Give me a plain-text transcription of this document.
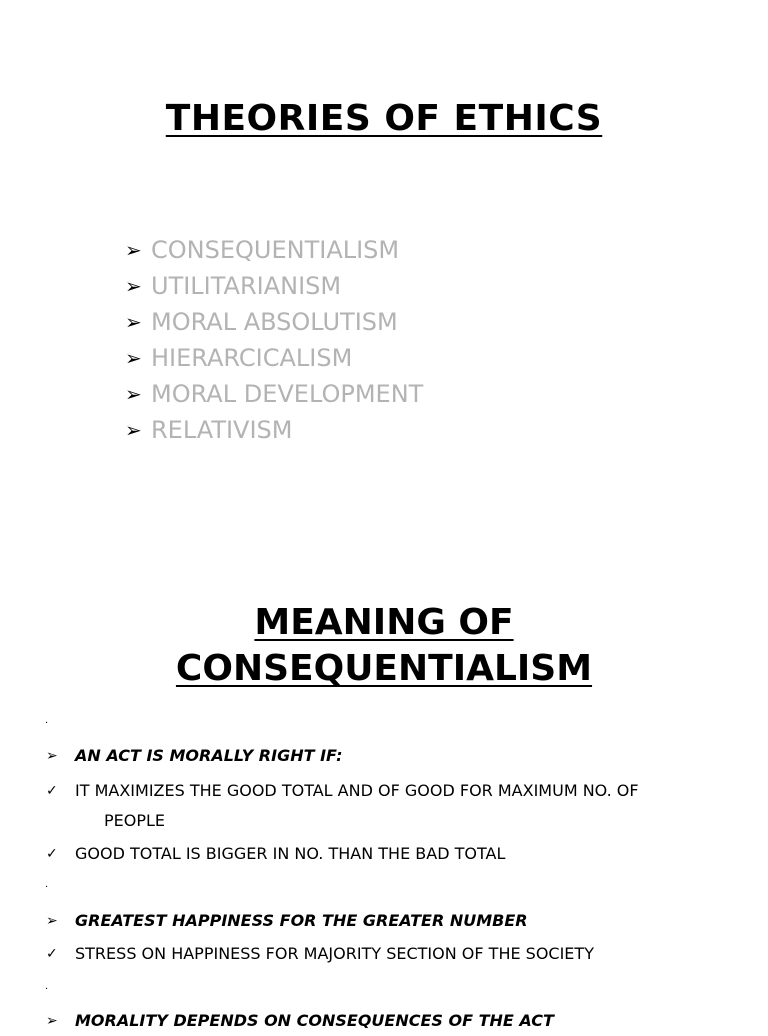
THEORIES OF ETHICS
➢ CONSEQUENTIALISM
➢ UTILITARIANISM
➢ MORAL ABSOLUTISM
➢ HIERARCICALISM
➢ MORAL DEVELOPMENT
➢ RELATIVISM
MEANING OF
CONSEQUENTIALISM
.
➢	AN ACT IS MORALLY RIGHT IF:
✓	IT MAXIMIZES THE GOOD TOTAL AND OF GOOD FOR MAXIMUM NO. OF
PEOPLE
✓	GOOD TOTAL IS BIGGER IN NO. THAN THE BAD TOTAL
.
➢	GREATEST HAPPINESS FOR THE GREATER NUMBER
✓	STRESS ON HAPPINESS FOR MAJORITY SECTION OF THE SOCIETY
.
➢	MORALITY DEPENDS ON CONSEQUENCES OF THE ACT
